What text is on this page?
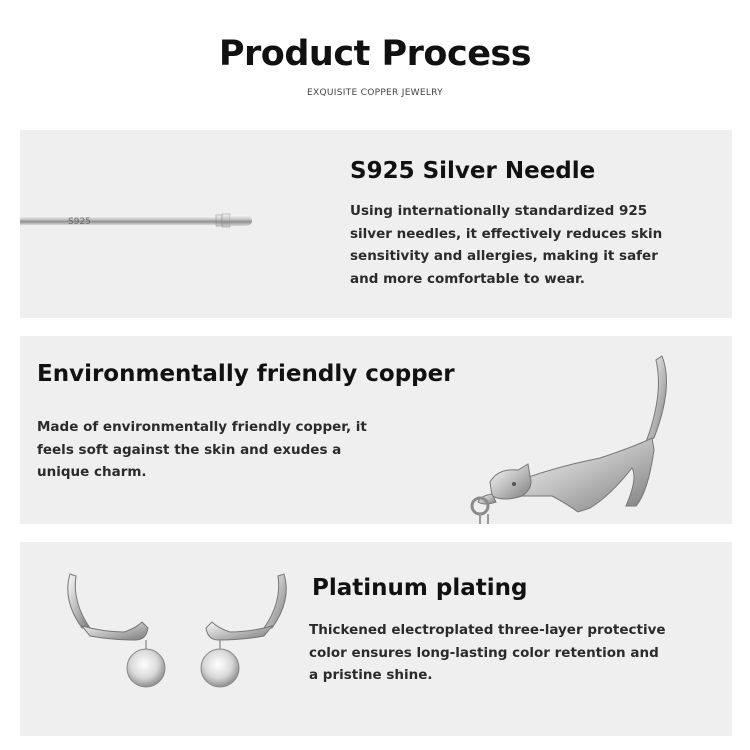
Product Process
EXQUISITE COPPER JEWELRY
S925
S925 Silver Needle
Using internationally standardized 925 silver needles, it effectively reduces skin sensitivity and allergies, making it safer and more comfortable to wear.
Environmentally friendly copper
Made of environmentally friendly copper, it feels soft against the skin and exudes a unique charm.
Platinum plating
Thickened electroplated three-layer protective color ensures long-lasting color retention and a pristine shine.
